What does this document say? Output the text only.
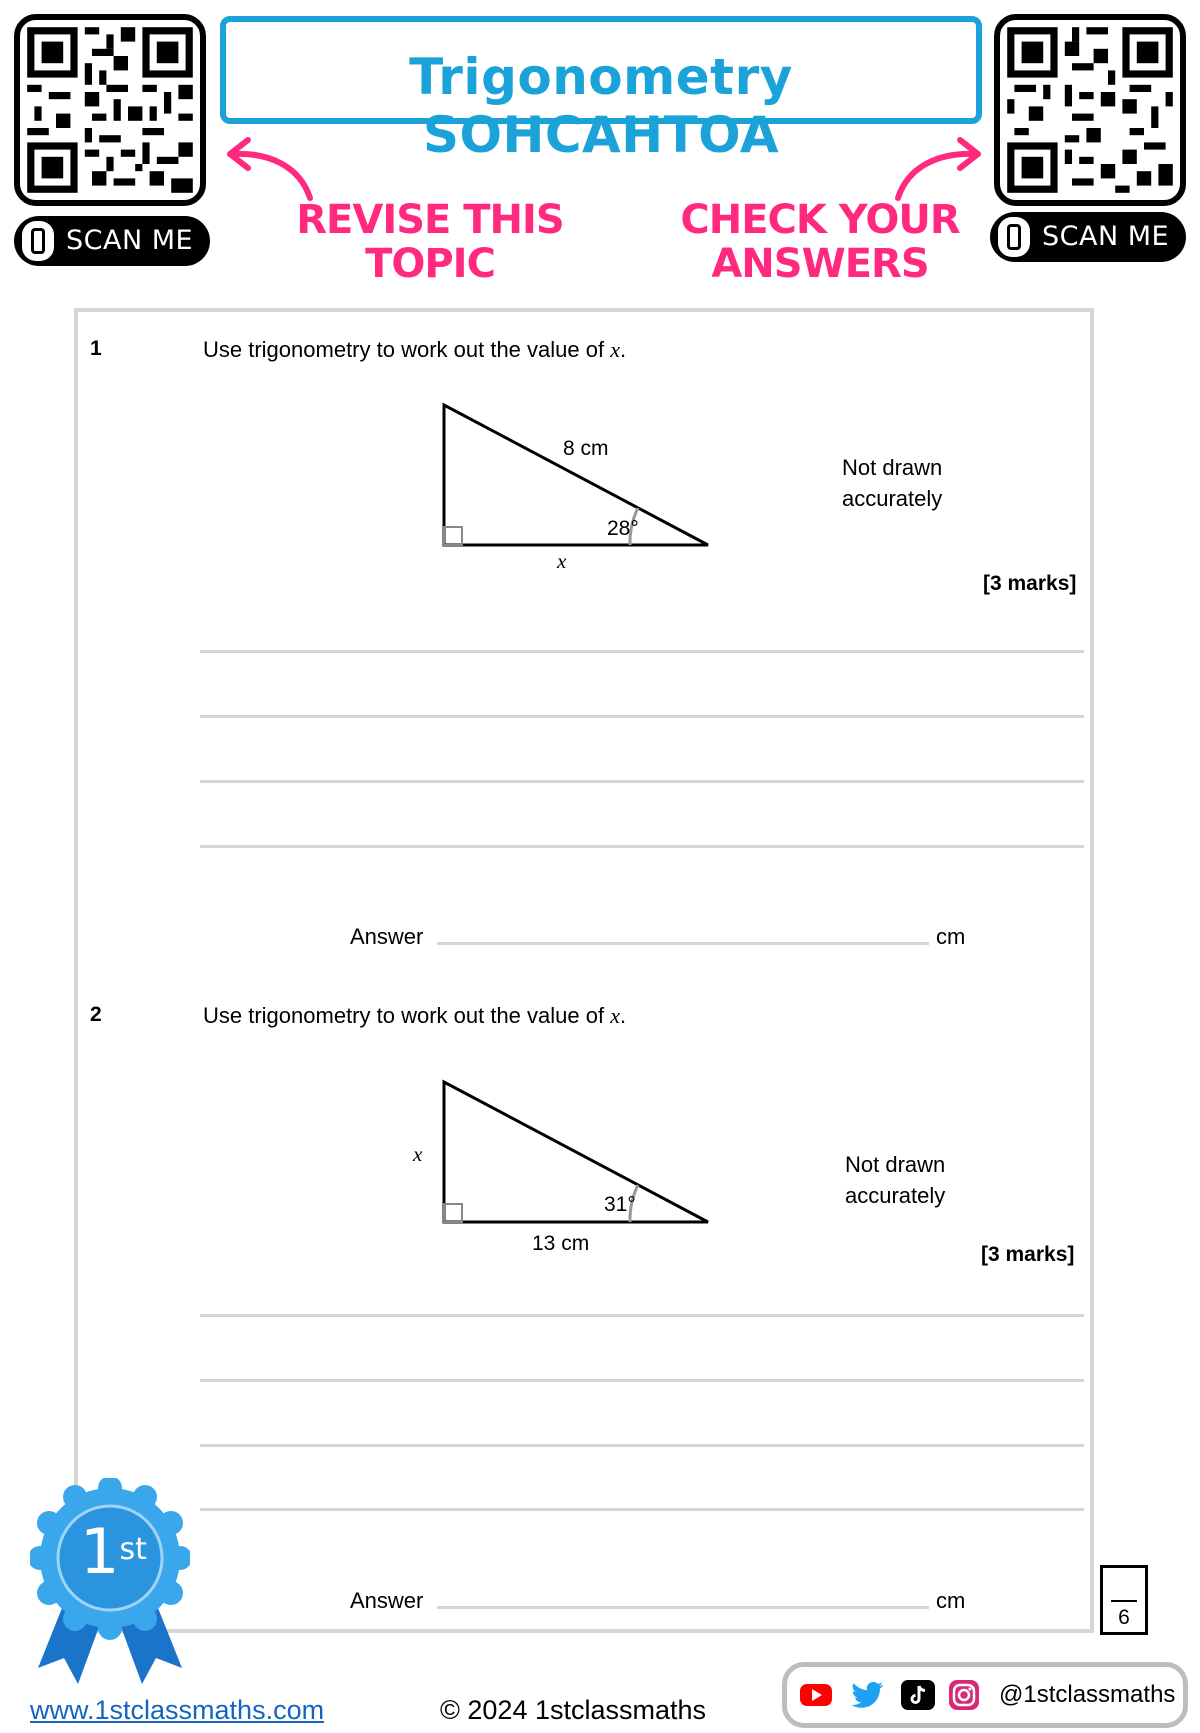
SCAN ME	SCAN ME
Trigonometry SOHCAHTOA
REVISE THIS
TOPIC
CHECK YOUR
ANSWERS
1	Use trigonometry to work out the value of x.
8 cm
28°
x
Not drawn
accurately
[3 marks]
Answer	cm
2	Use trigonometry to work out the value of x.
x
31°
13 cm
Not drawn
accurately
[3 marks]
Answer	cm
6
1st
www.1stclassmaths.com	© 2024 1stclassmaths
@1stclassmaths
